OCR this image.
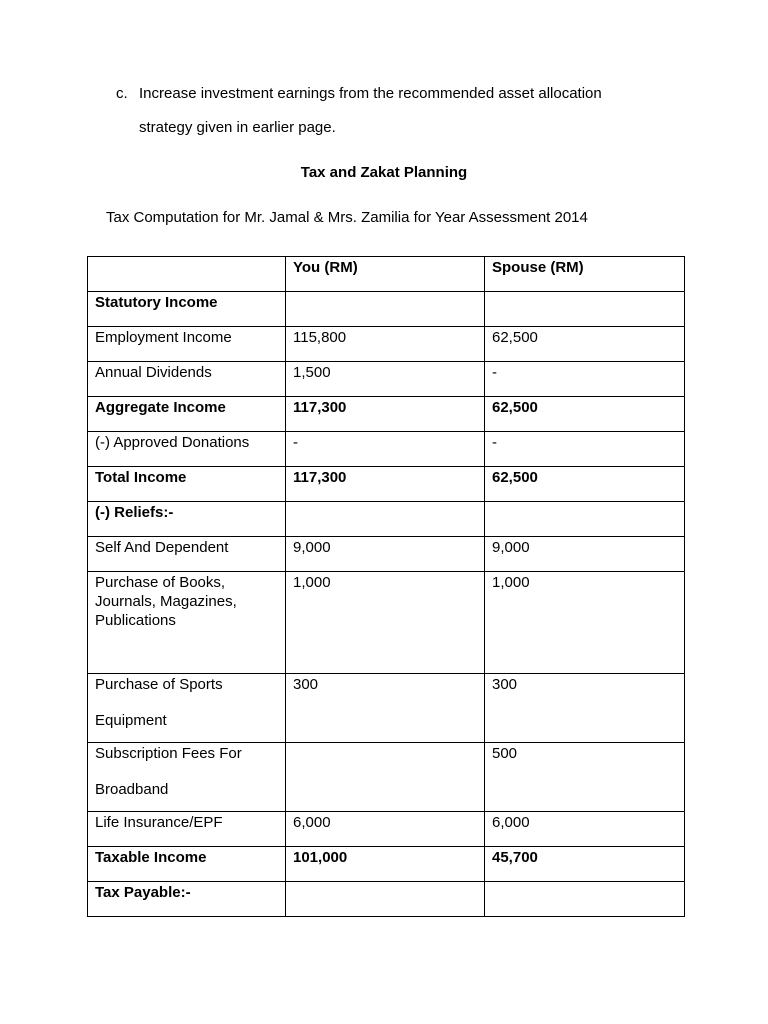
c. Increase investment earnings from the recommended asset allocation
strategy given in earlier page.
Tax and Zakat Planning
Tax Computation for Mr. Jamal & Mrs. Zamilia for Year Assessment 2014
	You (RM)	Spouse (RM)
Statutory Income		
Employment Income	115,800	62,500
Annual Dividends	1,500	-
Aggregate Income	117,300	62,500
(-) Approved Donations	-	-
Total Income	117,300	62,500
(-) Reliefs:-		
Self And Dependent	9,000	9,000
Purchase of Books, Journals, Magazines, Publications	1,000	1,000
Purchase of Sports
Equipment	300	300
Subscription Fees For
Broadband		500
Life Insurance/EPF	6,000	6,000
Taxable Income	101,000	45,700
Tax Payable:-		
